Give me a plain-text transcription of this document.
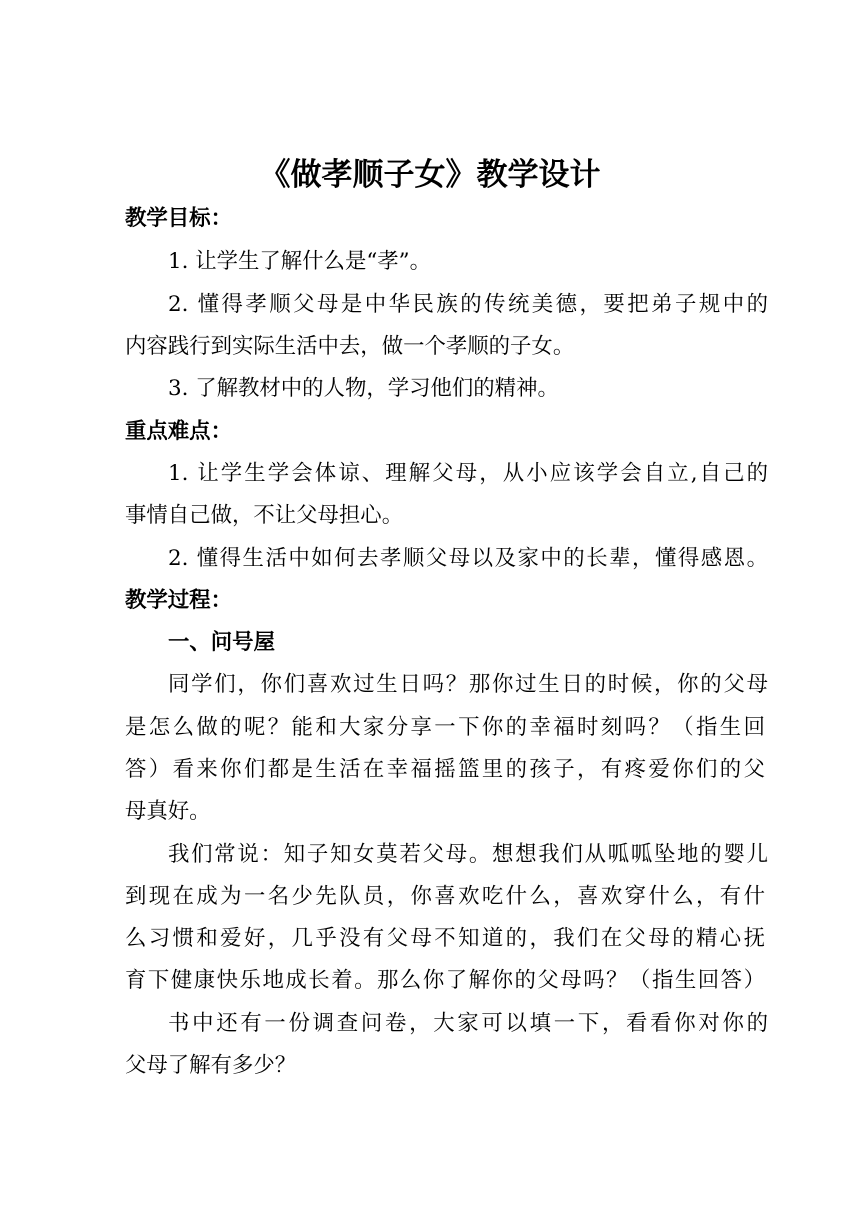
《做孝顺子女》教学设计
教学目标：
1. 让学生了解什么是“孝”。
2. 懂得孝顺父母是中华民族的传统美德，要把弟子规中的
内容践行到实际生活中去，做一个孝顺的子女。
3. 了解教材中的人物，学习他们的精神。
重点难点：
1. 让学生学会体谅、理解父母，从小应该学会自立,自己的
事情自己做，不让父母担心。
2. 懂得生活中如何去孝顺父母以及家中的长辈，懂得感恩。
教学过程：
一、问号屋
同学们，你们喜欢过生日吗？那你过生日的时候，你的父母
是怎么做的呢？能和大家分享一下你的幸福时刻吗？（指生回
答）看来你们都是生活在幸福摇篮里的孩子，有疼爱你们的父
母真好。
我们常说：知子知女莫若父母。想想我们从呱呱坠地的婴儿
到现在成为一名少先队员，你喜欢吃什么，喜欢穿什么，有什
么习惯和爱好，几乎没有父母不知道的，我们在父母的精心抚
育下健康快乐地成长着。那么你了解你的父母吗？（指生回答）
书中还有一份调查问卷，大家可以填一下，看看你对你的
父母了解有多少？
